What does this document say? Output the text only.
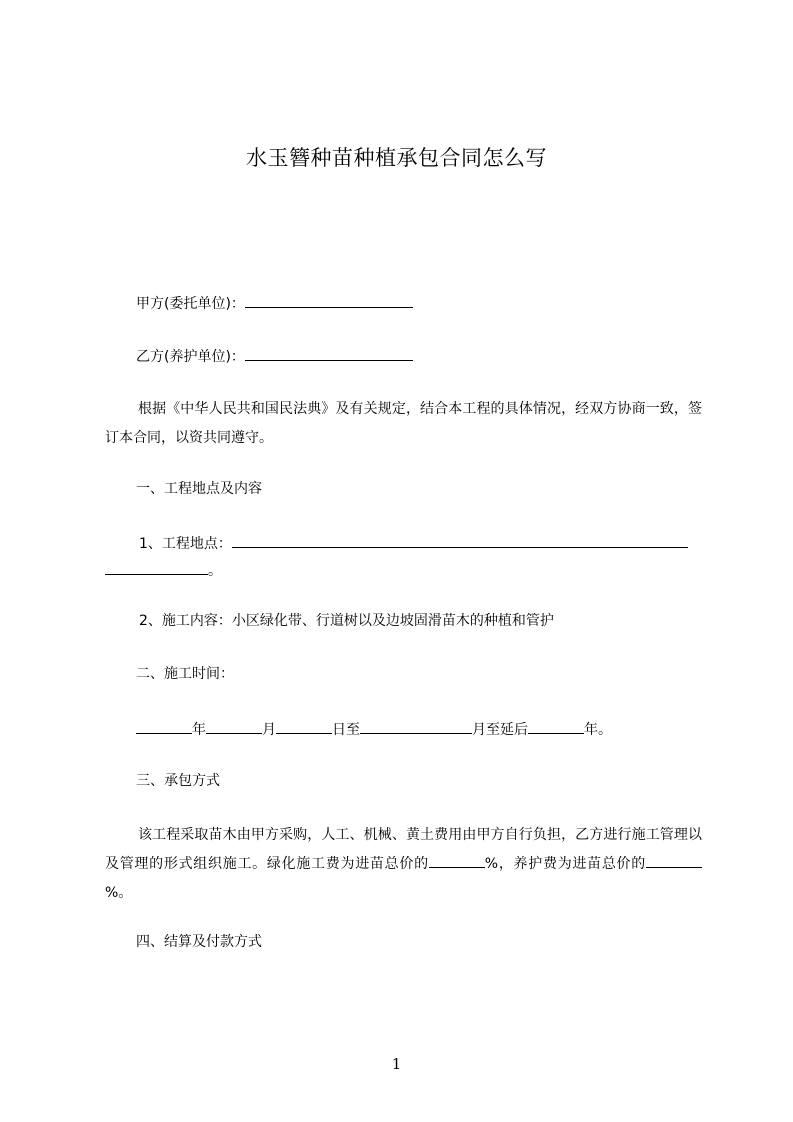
水玉簪种苗种植承包合同怎么写
甲方(委托单位)：
乙方(养护单位)：
根据《中华人民共和国民法典》及有关规定，结合本工程的具体情况，经双方协商一致，签订本合同，以资共同遵守。
一、工程地点及内容
1、工程地点：
。
2、施工内容：小区绿化带、行道树以及边坡固滑苗木的种植和管护
二、施工时间：
年	月	日至	月至延后	年。
三、承包方式
该工程采取苗木由甲方采购，人工、机械、黄土费用由甲方自行负担，乙方进行施工管理以及管理的形式组织施工。绿化施工费为进苗总价的	%，养护费为进苗总价的%。
四、结算及付款方式
1
